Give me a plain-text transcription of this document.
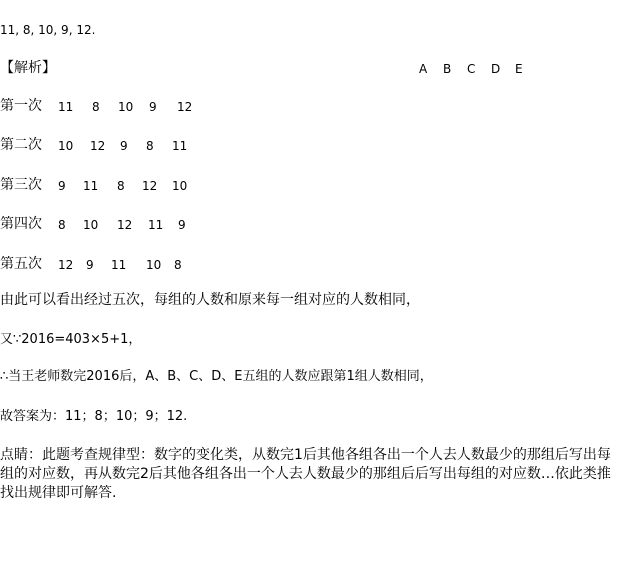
11, 8, 10, 9, 12.
【解析】	A B C D E
第一次 11 8 10 9 12
第二次 10 12 9 8 11
第三次 9 11 8 12 10
第四次 8 10 12 11 9
第五次 12 9 11 10 8
由此可以看出经过五次，每组的人数和原来每一组对应的人数相同，
又∵2016=403×5+1，
∴当王老师数完2016后，A、B、C、D、E五组的人数应跟第1组人数相同，
故答案为：11；8；10；9；12.
点睛：此题考查规律型：数字的变化类，从数完1后其他各组各出一个人去人数最少的那组后写出每组的对应数，再从数完2后其他各组各出一个人去人数最少的那组后后写出每组的对应数…依此类推找出规律即可解答.
